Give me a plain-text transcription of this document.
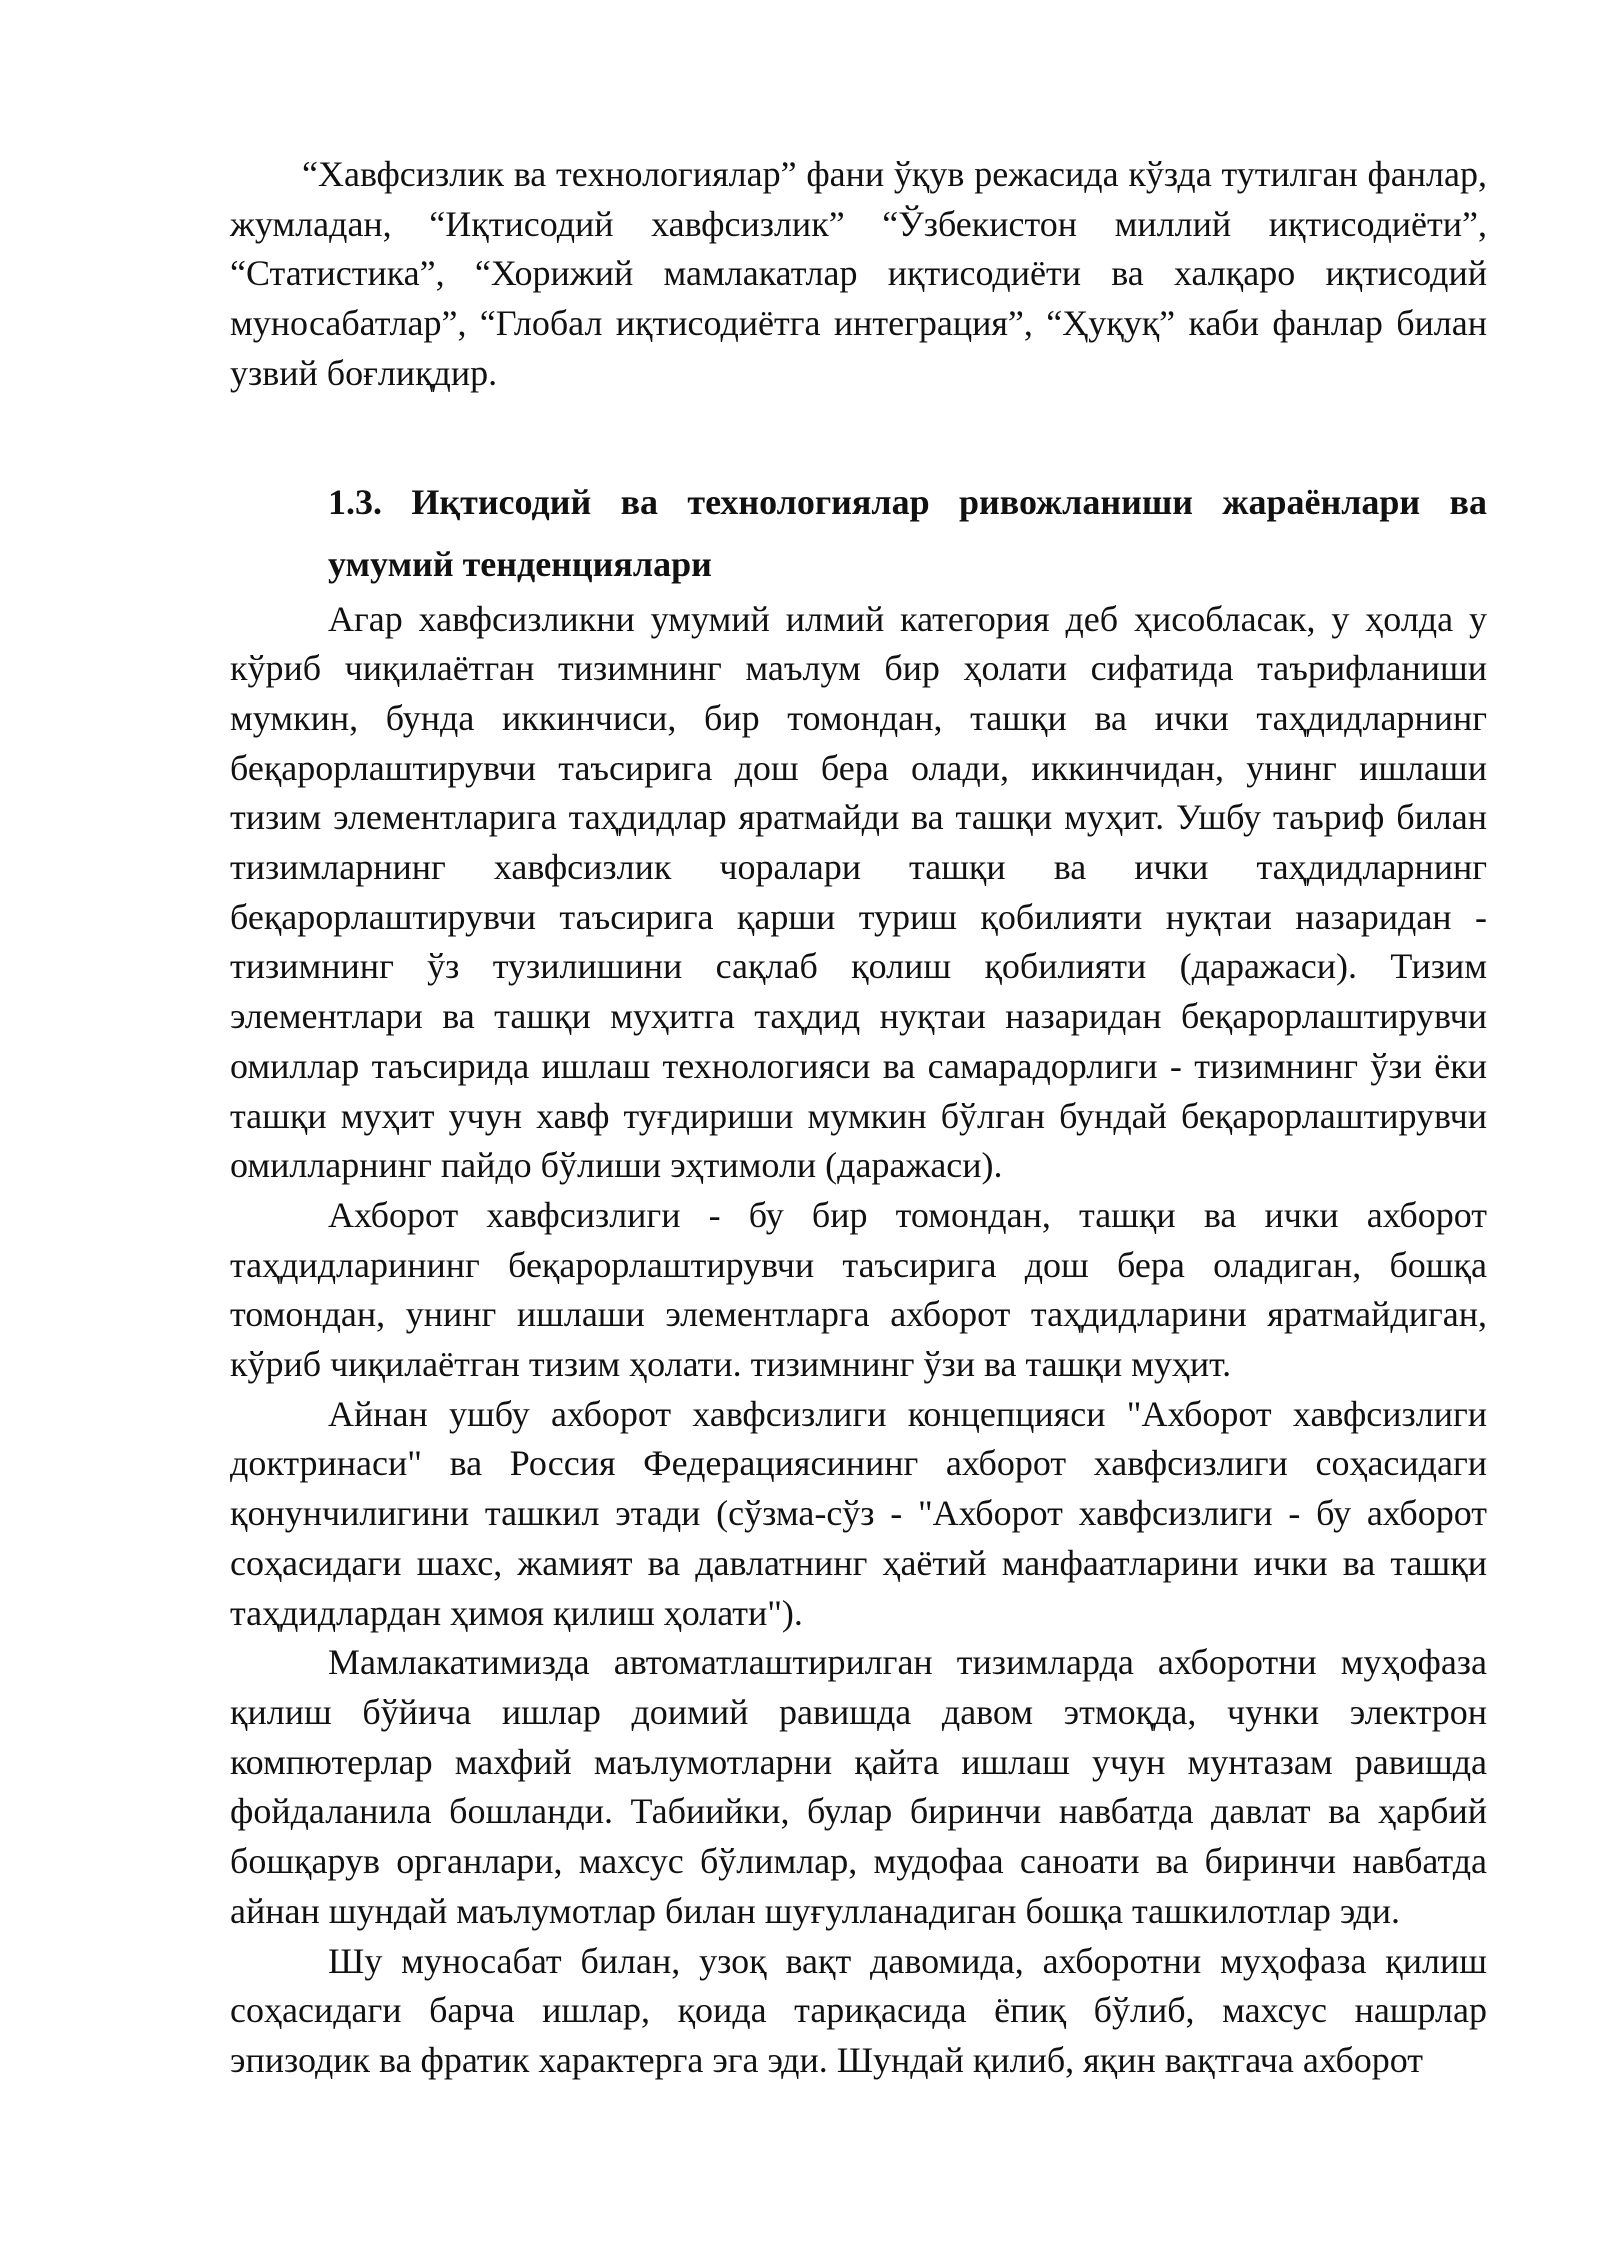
“Хавфсизлик ва технологиялар” фани ўқув режасида кўзда тутилган фанлар, жумладан, “Иқтисодий хавфсизлик” “Ўзбекистон миллий иқтисодиёти”, “Статистика”, “Хорижий мамлакатлар иқтисодиёти ва халқаро иқтисодий муносабатлар”, “Глобал иқтисодиётга интеграция”, “Ҳуқуқ” каби фанлар билан узвий боғлиқдир.

1.3. Иқтисодий ва технологиялар ривожланиши жараёнлари ва умумий тенденциялари

Агар хавфсизликни умумий илмий категория деб ҳисобласак, у ҳолда у кўриб чиқилаётган тизимнинг маълум бир ҳолати сифатида таърифланиши мумкин, бунда иккинчиси, бир томондан, ташқи ва ички таҳдидларнинг беқарорлаштирувчи таъсирига дош бера олади, иккинчидан, унинг ишлаши тизим элементларига таҳдидлар яратмайди ва ташқи муҳит. Ушбу таъриф билан тизимларнинг хавфсизлик чоралари ташқи ва ички таҳдидларнинг беқарорлаштирувчи таъсирига қарши туриш қобилияти нуқтаи назаридан - тизимнинг ўз тузилишини сақлаб қолиш қобилияти (даражаси). Тизим элементлари ва ташқи муҳитга таҳдид нуқтаи назаридан беқарорлаштирувчи омиллар таъсирида ишлаш технологияси ва самарадорлиги - тизимнинг ўзи ёки ташқи муҳит учун хавф туғдириши мумкин бўлган бундай беқарорлаштирувчи омилларнинг пайдо бўлиши эҳтимоли (даражаси).

Ахборот хавфсизлиги - бу бир томондан, ташқи ва ички ахборот таҳдидларининг беқарорлаштирувчи таъсирига дош бера оладиган, бошқа томондан, унинг ишлаши элементларга ахборот таҳдидларини яратмайдиган, кўриб чиқилаётган тизим ҳолати. тизимнинг ўзи ва ташқи муҳит.

Айнан ушбу ахборот хавфсизлиги концепцияси "Ахборот хавфсизлиги доктринаси" ва Россия Федерациясининг ахборот хавфсизлиги соҳасидаги қонунчилигини ташкил этади (сўзма-сўз - "Ахборот хавфсизлиги - бу ахборот соҳасидаги шахс, жамият ва давлатнинг ҳаётий манфаатларини ички ва ташқи таҳдидлардан ҳимоя қилиш ҳолати").

Мамлакатимизда автоматлаштирилган тизимларда ахборотни муҳофаза қилиш бўйича ишлар доимий равишда давом этмоқда, чунки электрон компютерлар махфий маълумотларни қайта ишлаш учун мунтазам равишда фойдаланила бошланди. Табиийки, булар биринчи навбатда давлат ва ҳарбий бошқарув органлари, махсус бўлимлар, мудофаа саноати ва биринчи навбатда айнан шундай маълумотлар билан шуғулланадиган бошқа ташкилотлар эди.

Шу муносабат билан, узоқ вақт давомида, ахборотни муҳофаза қилиш соҳасидаги барча ишлар, қоида тариқасида ёпиқ бўлиб, махсус нашрлар эпизодик ва фратик характерга эга эди. Шундай қилиб, яқин вақтгача ахборот
